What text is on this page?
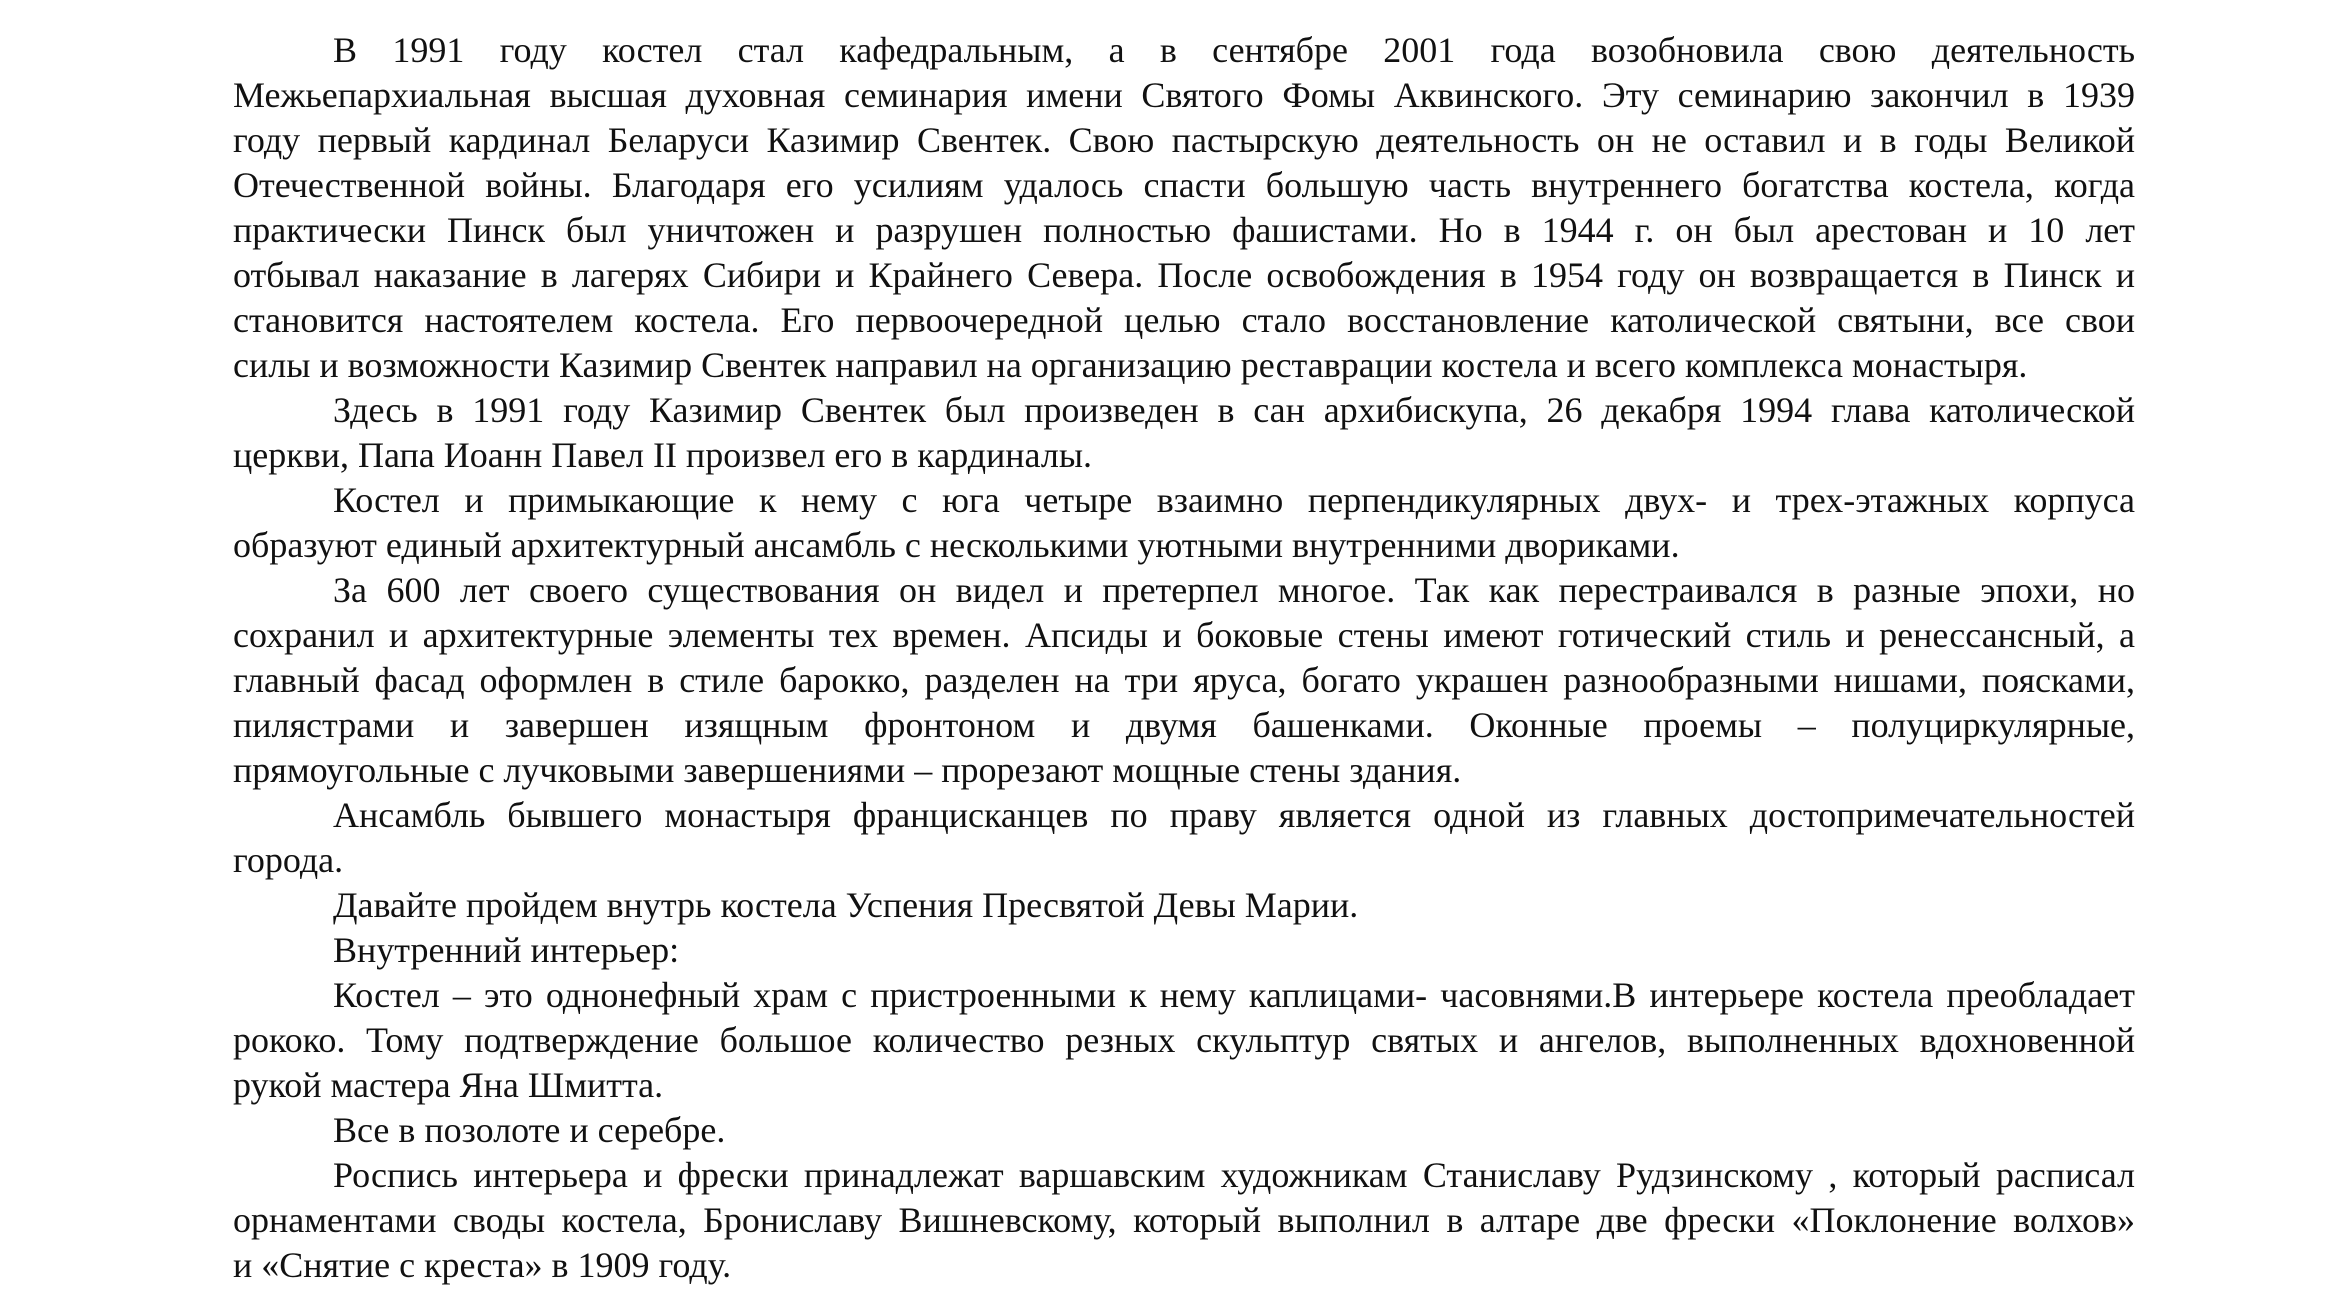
В 1991 году костел стал кафедральным, а в сентябре 2001 года возобновила свою деятельность
Межьепархиальная высшая духовная семинария имени Святого Фомы Аквинского. Эту семинарию закончил в 1939
году первый кардинал Беларуси Казимир Свентек. Свою пастырскую деятельность он не оставил и в годы Великой
Отечественной войны. Благодаря его усилиям удалось спасти большую часть внутреннего богатства костела, когда
практически Пинск был уничтожен и разрушен полностью фашистами. Но в 1944 г. он был арестован и 10 лет
отбывал наказание в лагерях Сибири и Крайнего Севера. После освобождения в 1954 году он возвращается в Пинск и
становится настоятелем костела. Его первоочередной целью стало восстановление католической святыни, все свои
силы и возможности Казимир Свентек направил на организацию реставрации костела и всего комплекса монастыря.
Здесь в 1991 году Казимир Свентек был произведен в сан архибискупа, 26 декабря 1994 глава католической
церкви, Папа Иоанн Павел II произвел его в кардиналы.
Костел и примыкающие к нему с юга четыре взаимно перпендикулярных двух- и трех-этажных корпуса
образуют единый архитектурный ансамбль с несколькими уютными внутренними двориками.
За 600 лет своего существования он видел и претерпел многое. Так как перестраивался в разные эпохи, но
сохранил и архитектурные элементы тех времен. Апсиды и боковые стены имеют готический стиль и ренессансный, а
главный фасад оформлен в стиле барокко, разделен на три яруса, богато украшен разнообразными нишами, поясками,
пилястрами и завершен изящным фронтоном и двумя башенками. Оконные проемы – полуциркулярные,
прямоугольные с лучковыми завершениями – прорезают мощные стены здания.
Ансамбль бывшего монастыря францисканцев по праву является одной из главных достопримечательностей
города.
Давайте пройдем внутрь костела Успения Пресвятой Девы Марии.
Внутренний интерьер:
Костел – это однонефный храм с пристроенными к нему каплицами- часовнями.В интерьере костела преобладает
рококо. Тому подтверждение большое количество резных скульптур святых и ангелов, выполненных вдохновенной
рукой мастера Яна Шмитта.
Все в позолоте и серебре.
Роспись интерьера и фрески принадлежат варшавским художникам Станиславу Рудзинскому , который расписал
орнаментами своды костела, Брониславу Вишневскому, который выполнил в алтаре две фрески «Поклонение волхов»
и «Снятие с креста» в 1909 году.
